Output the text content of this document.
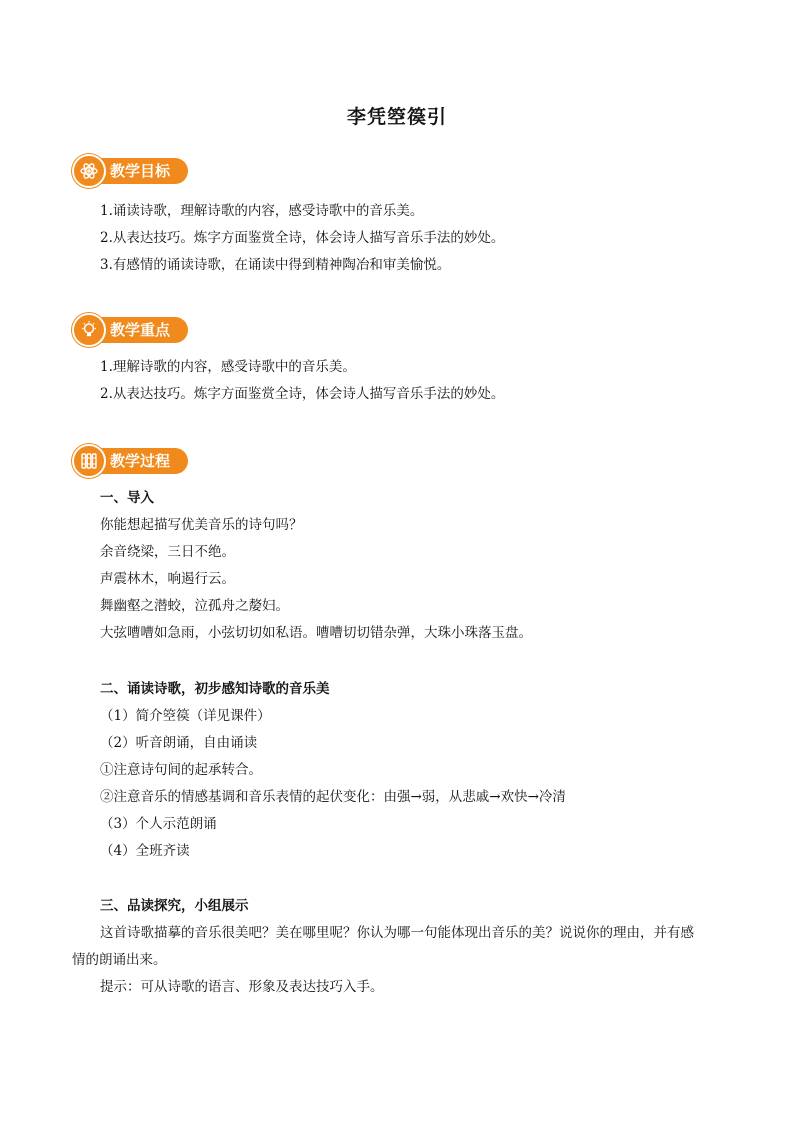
李凭箜篌引
教学目标
1.诵读诗歌，理解诗歌的内容，感受诗歌中的音乐美。
2.从表达技巧。炼字方面鉴赏全诗，体会诗人描写音乐手法的妙处。
3.有感情的诵读诗歌，在诵读中得到精神陶冶和审美愉悦。
教学重点
1.理解诗歌的内容，感受诗歌中的音乐美。
2.从表达技巧。炼字方面鉴赏全诗，体会诗人描写音乐手法的妙处。
教学过程
一、导入
你能想起描写优美音乐的诗句吗？
余音绕梁，三日不绝。
声震林木，响遏行云。
舞幽壑之潜蛟，泣孤舟之嫠妇。
大弦嘈嘈如急雨，小弦切切如私语。嘈嘈切切错杂弹，大珠小珠落玉盘。
二、诵读诗歌，初步感知诗歌的音乐美
（1）简介箜篌（详见课件）
（2）听音朗诵，自由诵读
①注意诗句间的起承转合。
②注意音乐的情感基调和音乐表情的起伏变化：由强→弱，从悲戚→欢快→冷清
（3）个人示范朗诵
（4）全班齐读
三、品读探究，小组展示
这首诗歌描摹的音乐很美吧？美在哪里呢？你认为哪一句能体现出音乐的美？说说你的理由，并有感
情的朗诵出来。
提示：可从诗歌的语言、形象及表达技巧入手。
